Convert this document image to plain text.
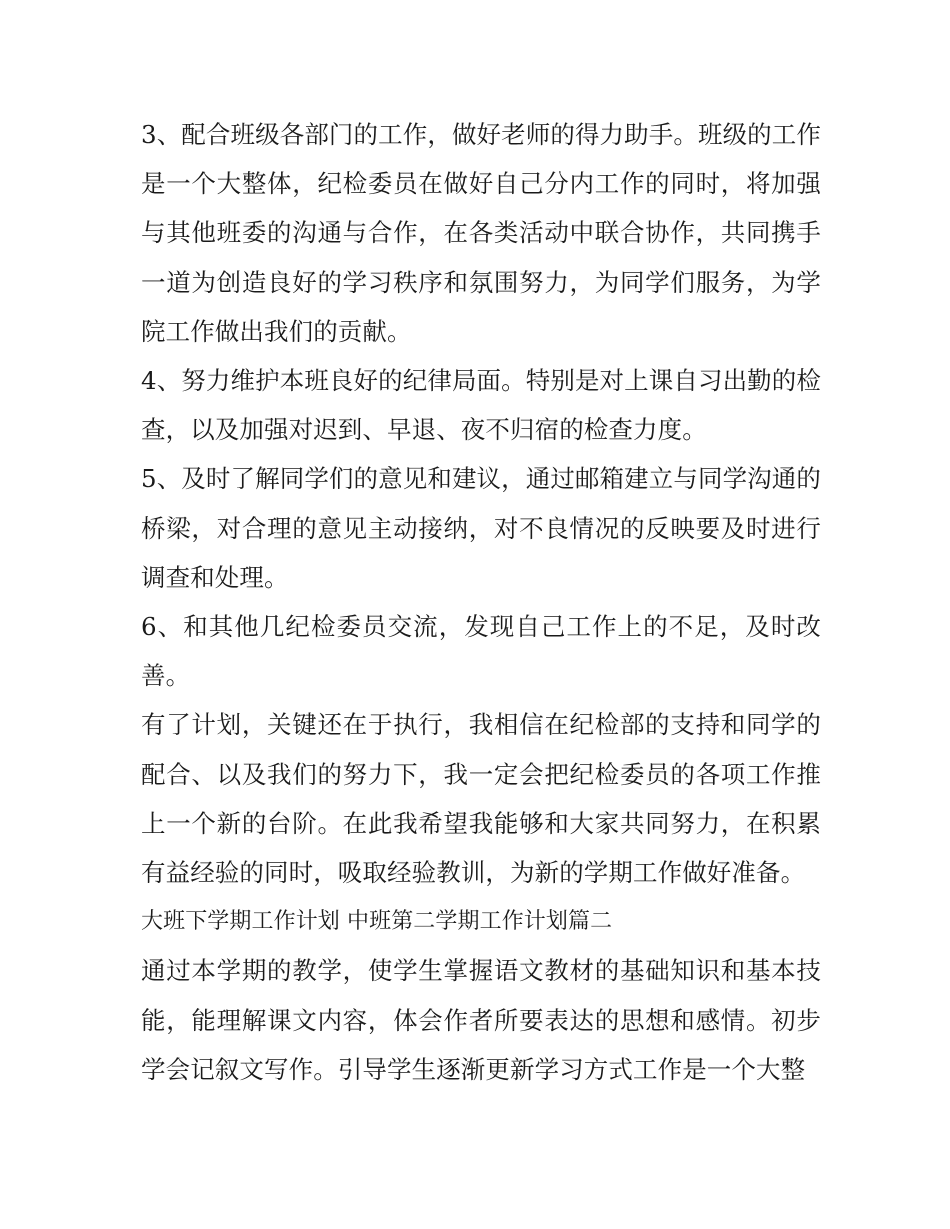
3、配合班级各部门的工作，做好老师的得力助手。班级的工作是一个大整体，纪检委员在做好自己分内工作的同时，将加强与其他班委的沟通与合作，在各类活动中联合协作，共同携手一道为创造良好的学习秩序和氛围努力，为同学们服务，为学院工作做出我们的贡献。

4、努力维护本班良好的纪律局面。特别是对上课自习出勤的检查，以及加强对迟到、早退、夜不归宿的检查力度。

5、及时了解同学们的意见和建议，通过邮箱建立与同学沟通的桥梁，对合理的意见主动接纳，对不良情况的反映要及时进行调查和处理。

6、和其他几纪检委员交流，发现自己工作上的不足，及时改善。

有了计划，关键还在于执行，我相信在纪检部的支持和同学的配合、以及我们的努力下，我一定会把纪检委员的各项工作推上一个新的台阶。在此我希望我能够和大家共同努力，在积累有益经验的同时，吸取经验教训，为新的学期工作做好准备。

大班下学期工作计划 中班第二学期工作计划篇二

通过本学期的教学，使学生掌握语文教材的基础知识和基本技能，能理解课文内容，体会作者所要表达的思想和感情。初步学会记叙文写作。引导学生逐渐更新学习方式工作是一个大整
